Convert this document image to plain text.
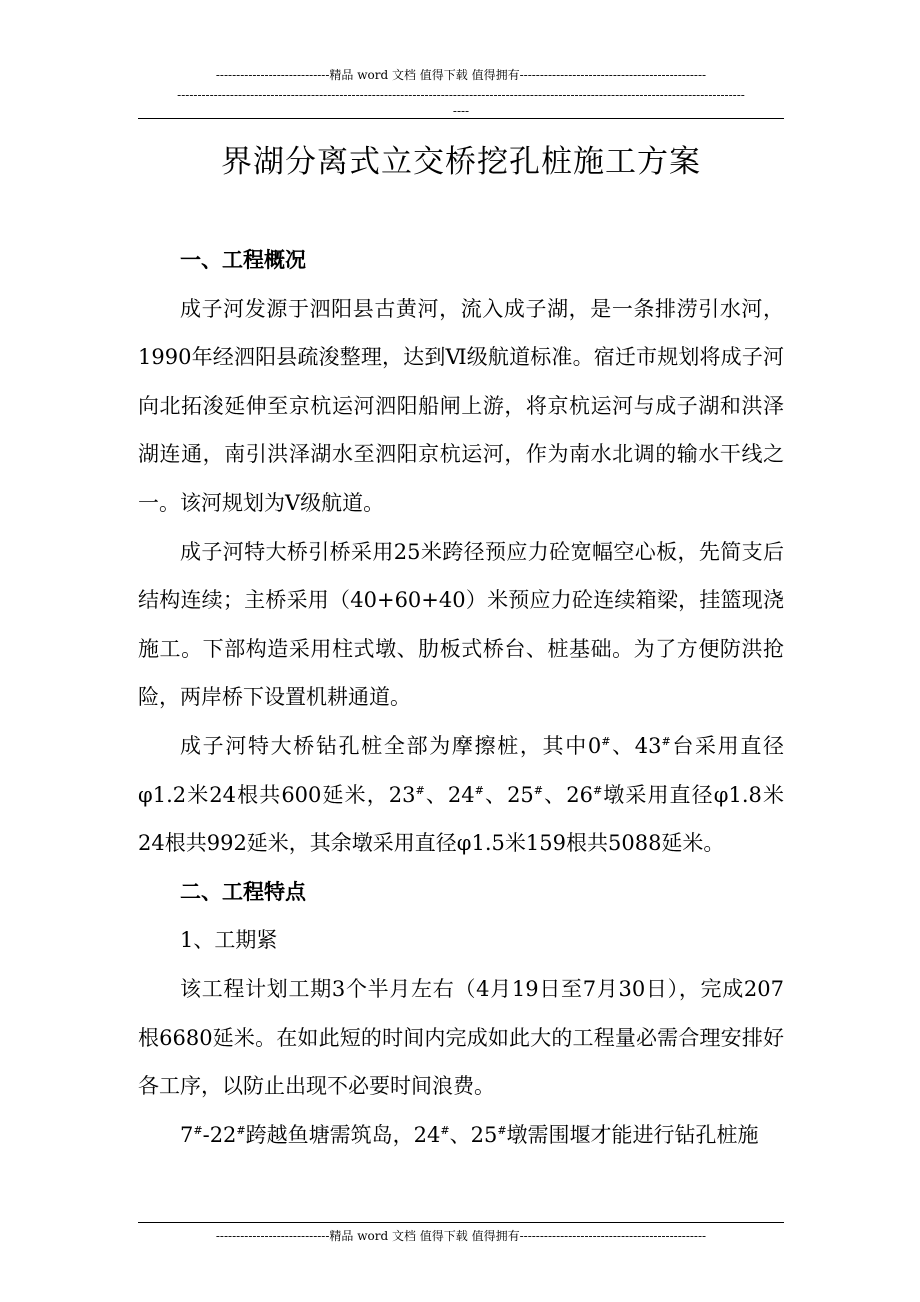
----------------------------精品 word 文档 值得下载 值得拥有----------------------------------------------
--------------------------------------------------------------------------------------------------------------------------------------------
----
界湖分离式立交桥挖孔桩施工方案

一、工程概况

成子河发源于泗阳县古黄河，流入成子湖，是一条排涝引水河，1990年经泗阳县疏浚整理，达到Ⅵ级航道标准。宿迁市规划将成子河向北拓浚延伸至京杭运河泗阳船闸上游，将京杭运河与成子湖和洪泽湖连通，南引洪泽湖水至泗阳京杭运河，作为南水北调的输水干线之一。该河规划为Ⅴ级航道。

成子河特大桥引桥采用25米跨径预应力砼宽幅空心板，先简支后结构连续；主桥采用（40+60+40）米预应力砼连续箱梁，挂篮现浇施工。下部构造采用柱式墩、肋板式桥台、桩基础。为了方便防洪抢险，两岸桥下设置机耕通道。

成子河特大桥钻孔桩全部为摩擦桩，其中0#、43#台采用直径φ1.2米24根共600延米，23#、24#、25#、26#墩采用直径φ1.8米24根共992延米，其余墩采用直径φ1.5米159根共5088延米。

二、工程特点

1、工期紧

该工程计划工期3个半月左右（4月19日至7月30日），完成207根6680延米。在如此短的时间内完成如此大的工程量必需合理安排好各工序，以防止出现不必要时间浪费。

7#-22#跨越鱼塘需筑岛，24#、25#墩需围堰才能进行钻孔桩施

----------------------------精品 word 文档 值得下载 值得拥有----------------------------------------------
